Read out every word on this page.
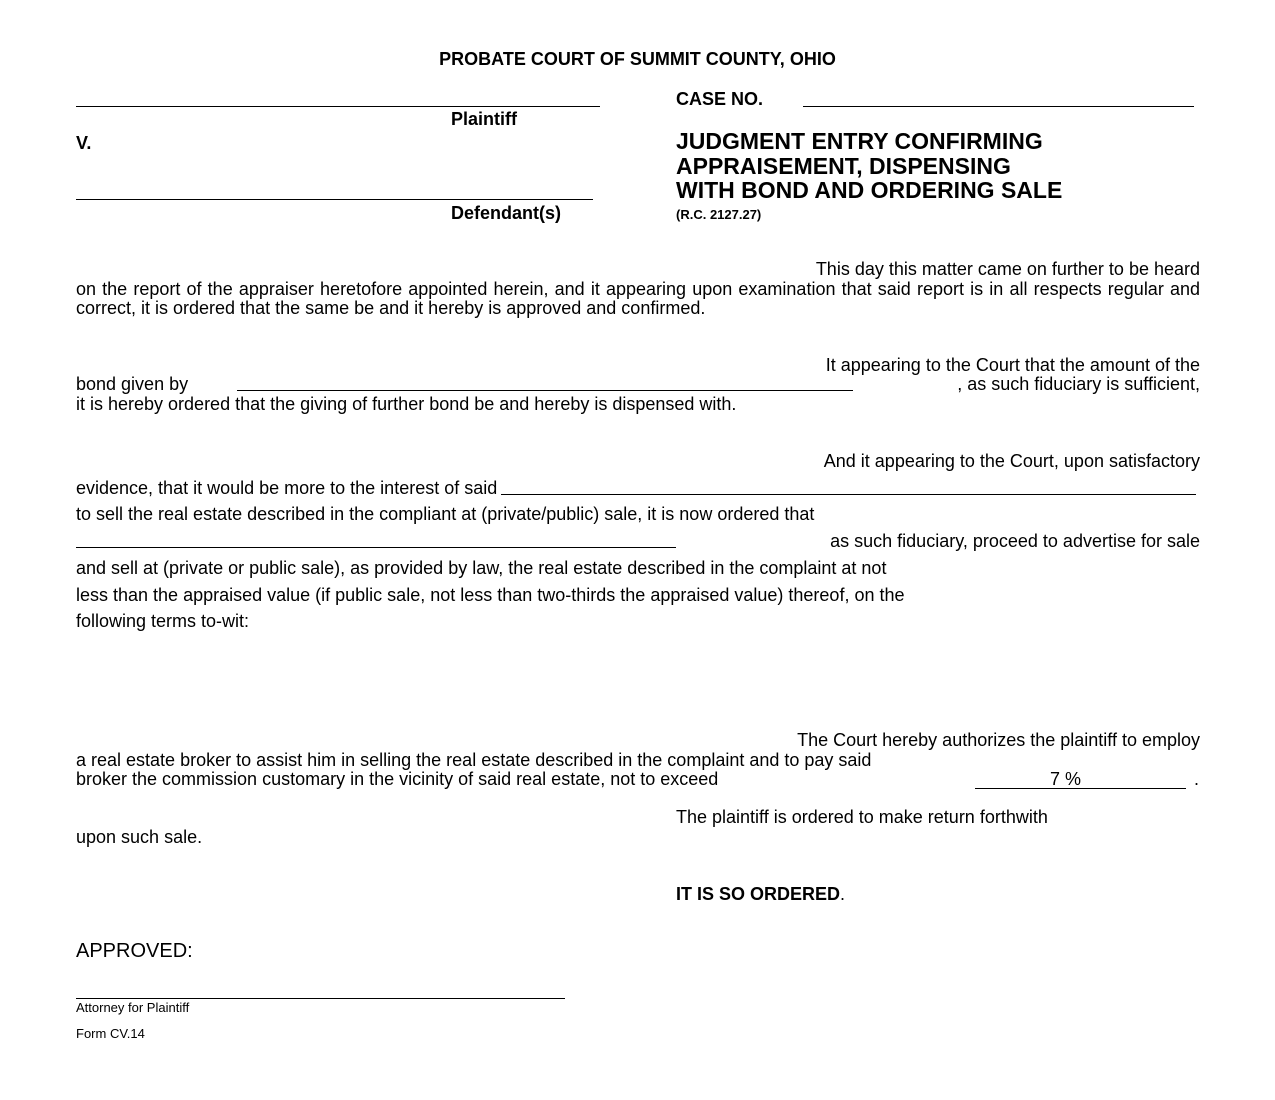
PROBATE COURT OF SUMMIT COUNTY, OHIO
Plaintiff
V.
Defendant(s)
CASE NO.
JUDGMENT ENTRY CONFIRMING
APPRAISEMENT, DISPENSING
WITH BOND AND ORDERING SALE
(R.C. 2127.27)
This day this matter came on further to be heard
on the report of the appraiser heretofore appointed herein, and it appearing upon examination that said report is in all respects regular and correct, it is ordered that the same be and it hereby is approved and confirmed.
It appearing to the Court that the amount of the
bond given by	, as such fiduciary is sufficient,
it is hereby ordered that the giving of further bond be and hereby is dispensed with.
And it appearing to the Court, upon satisfactory
evidence, that it would be more to the interest of said
to sell the real estate described in the compliant at (private/public) sale, it is now ordered that
as such fiduciary, proceed to advertise for sale
and sell at (private or public sale), as provided by law, the real estate described in the complaint at not
less than the appraised value (if public sale, not less than two-thirds the appraised value) thereof, on the
following terms to-wit:
The Court hereby authorizes the plaintiff to employ
a real estate broker to assist him in selling the real estate described in the complaint and to pay said
broker the commission customary in the vicinity of said real estate, not to exceed	7 %	.
The plaintiff is ordered to make return forthwith
upon such sale.
IT IS SO ORDERED.
APPROVED:
Attorney for Plaintiff
Form CV.14
